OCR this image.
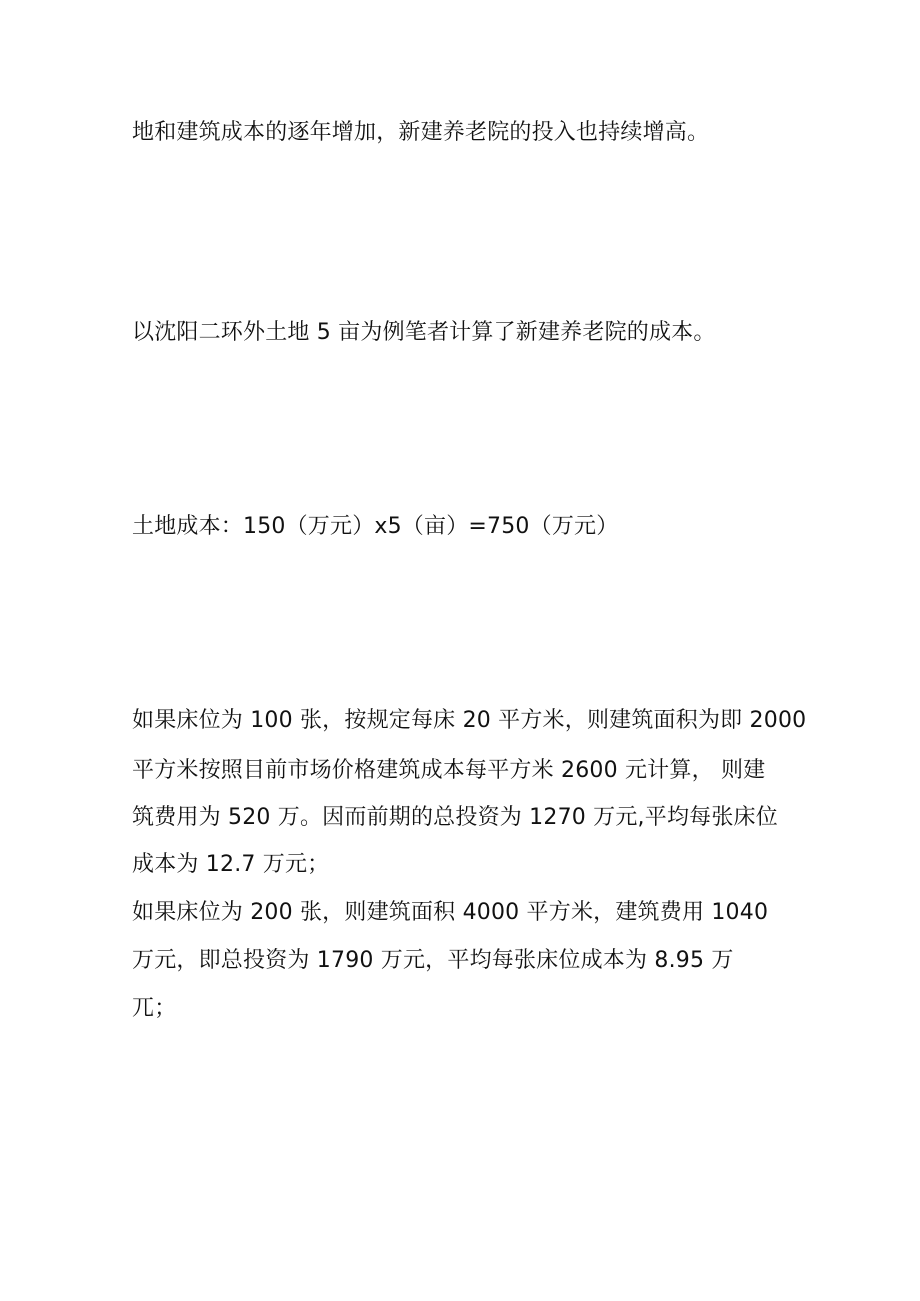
地和建筑成本的逐年增加，新建养老院的投入也持续增高。
以沈阳二环外土地 5 亩为例笔者计算了新建养老院的成本。
土地成本：150（万元）x5（亩）=750（万元）
如果床位为 100 张，按规定每床 20 平方米，则建筑面积为即 2000
平方米按照目前市场价格建筑成本每平方米 2600 元计算， 则建
筑费用为 520 万。因而前期的总投资为 1270 万元,平均每张床位
成本为 12.7 万元；
如果床位为 200 张，则建筑面积 4000 平方米，建筑费用 1040
万元，即总投资为 1790 万元，平均每张床位成本为 8.95 万
兀；
